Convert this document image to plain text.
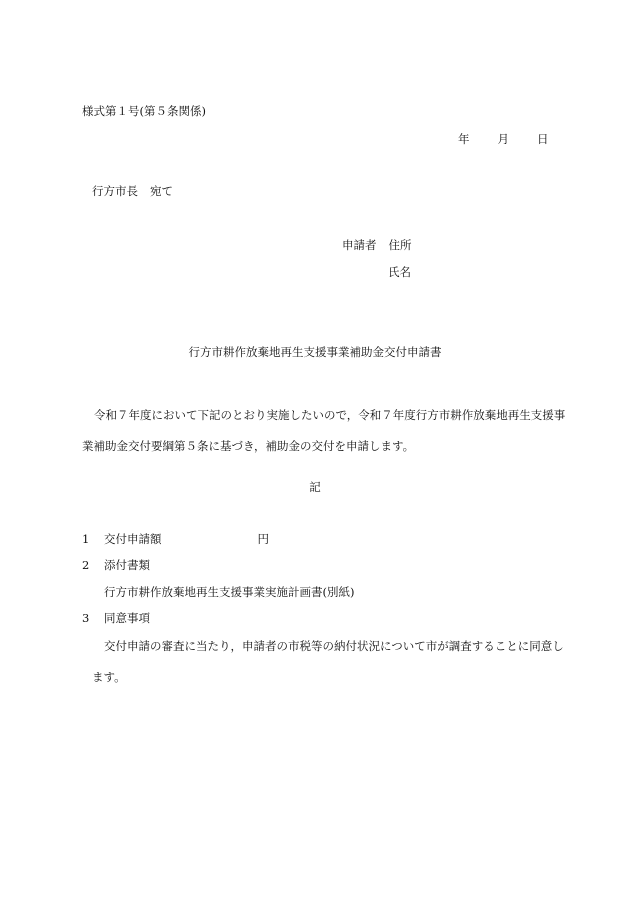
様式第１号(第５条関係)
年 月 日
行方市長 宛て
申請者 住所
氏名
行方市耕作放棄地再生支援事業補助金交付申請書
令和７年度において下記のとおり実施したいので，令和７年度行方市耕作放棄地再生支援事業補助金交付要綱第５条に基づき，補助金の交付を申請します。
記
1 交付申請額	円
2 添付書類
行方市耕作放棄地再生支援事業実施計画書(別紙)
3 同意事項
交付申請の審査に当たり，申請者の市税等の納付状況について市が調査することに同意します。
